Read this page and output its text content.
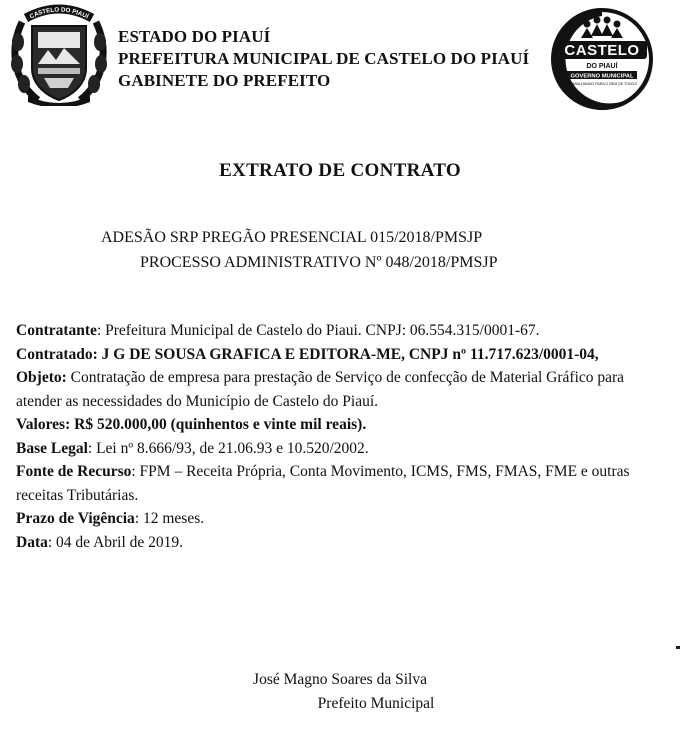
CASTELO DO PIAUÍ
ESTADO DO PIAUÍ
PREFEITURA MUNICIPAL DE CASTELO DO PIAUÍ
GABINETE DO PREFEITO
CASTELO
DO PIAUÍ
GOVERNO MUNICIPAL
TRABALHANDO PARA O BEM DE TODOS
EXTRATO DE CONTRATO
ADESÃO SRP PREGÃO PRESENCIAL 015/2018/PMSJP
PROCESSO ADMINISTRATIVO Nº 048/2018/PMSJP

Contratante: Prefeitura Municipal de Castelo do Piaui. CNPJ: 06.554.315/0001-67.

Contratado: J G DE SOUSA GRAFICA E EDITORA-ME, CNPJ nº 11.717.623/0001-04,

Objeto: Contratação de empresa para prestação de Serviço de confecção de Material Gráfico para atender as necessidades do Município de Castelo do Piauí.

Valores: R$ 520.000,00 (quinhentos e vinte mil reais).

Base Legal: Lei nº 8.666/93, de 21.06.93 e 10.520/2002.

Fonte de Recurso: FPM – Receita Própria, Conta Movimento, ICMS, FMS, FMAS, FME e outras receitas Tributárias.

Prazo de Vigência: 12 meses.

Data: 04 de Abril de 2019.

José Magno Soares da Silva
Prefeito Municipal
